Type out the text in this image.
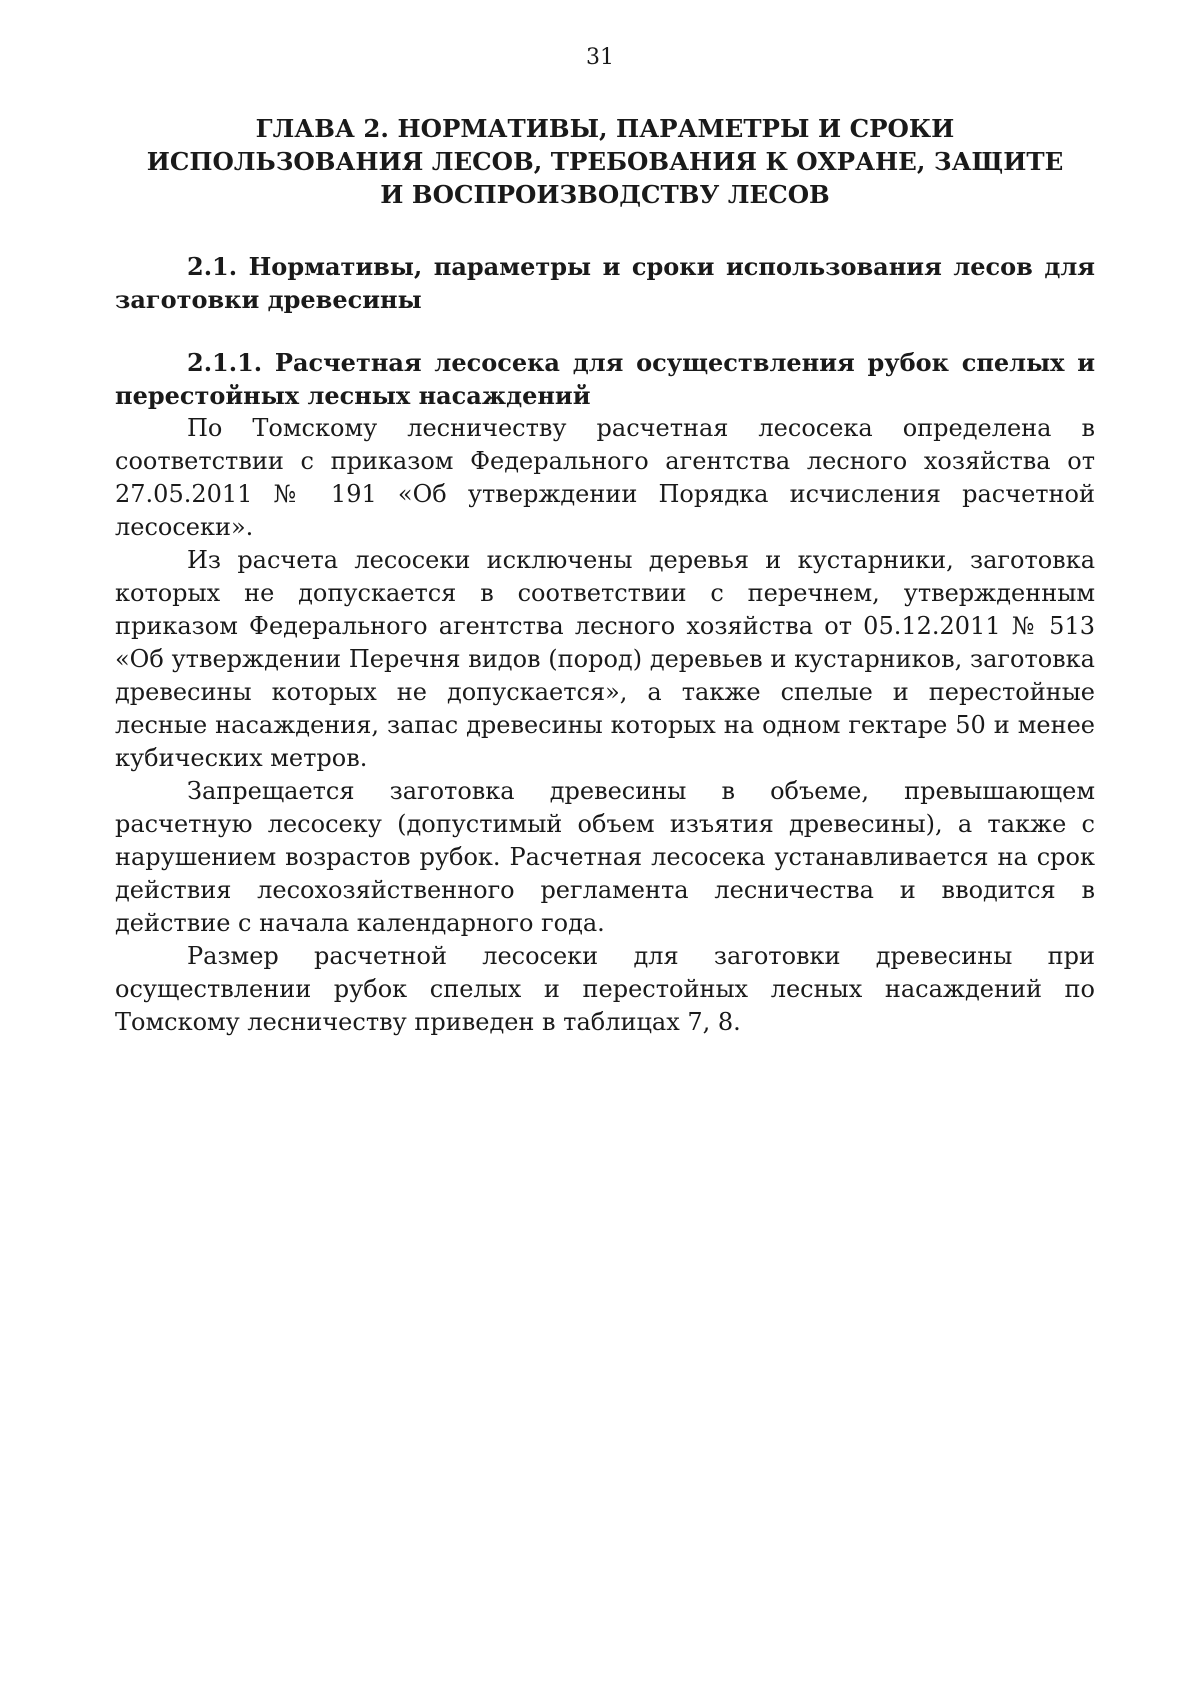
31
ГЛАВА 2. НОРМАТИВЫ, ПАРАМЕТРЫ И СРОКИ
ИСПОЛЬЗОВАНИЯ ЛЕСОВ, ТРЕБОВАНИЯ К ОХРАНЕ, ЗАЩИТЕ
И ВОСПРОИЗВОДСТВУ ЛЕСОВ

2.1. Нормативы, параметры и сроки использования лесов для заготовки древесины

2.1.1. Расчетная лесосека для осуществления рубок спелых и перестойных лесных насаждений

По Томскому лесничеству расчетная лесосека определена в соответствии с приказом Федерального агентства лесного хозяйства от 27.05.2011 № 191 «Об утверждении Порядка исчисления расчетной лесосеки».

Из расчета лесосеки исключены деревья и кустарники, заготовка которых не допускается в соответствии с перечнем, утвержденным приказом Федерального агентства лесного хозяйства от 05.12.2011 № 513 «Об утверждении Перечня видов (пород) деревьев и кустарников, заготовка древесины которых не допускается», а также спелые и перестойные лесные насаждения, запас древесины которых на одном гектаре 50 и менее кубических метров.

Запрещается заготовка древесины в объеме, превышающем расчетную лесосеку (допустимый объем изъятия древесины), а также с нарушением возрастов рубок. Расчетная лесосека устанавливается на срок действия лесохозяйственного регламента лесничества и вводится в действие с начала календарного года.

Размер расчетной лесосеки для заготовки древесины при осуществлении рубок спелых и перестойных лесных насаждений по Томскому лесничеству приведен в таблицах 7, 8.
